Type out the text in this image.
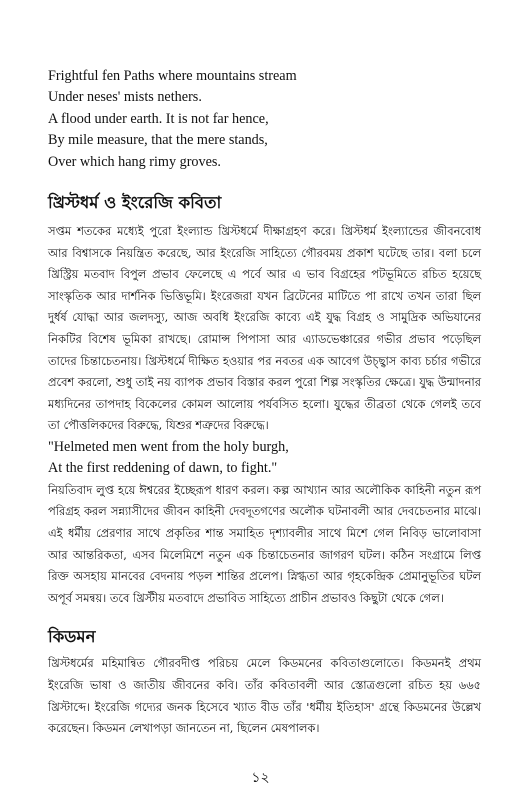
Frightful fen Paths where mountains stream

Under neses' mists nethers.

A flood under earth. It is not far hence,

By mile measure, that the mere stands,

Over which hang rimy groves.

খ্রিস্টধর্ম ও ইংরেজি কবিতা

সপ্তম শতকের মধ্যেই পুরো ইংল্যান্ড খ্রিস্টধর্মে দীক্ষাগ্রহণ করে। খ্রিস্টধর্ম ইংল্যান্ডের জীবনবোধ আর বিশ্বাসকে নিয়ন্ত্রিত করেছে, আর ইংরেজি সাহিত্যে গৌরবময় প্রকাশ ঘটেছে তার। বলা চলে খ্রিস্ট্রিয় মতবাদ বিপুল প্রভাব ফেলেছে এ পর্বে আর এ ভাব বিগ্রহের পটভূমিতে রচিত হয়েছে সাংস্কৃতিক আর দার্শনিক ভিত্তিভূমি। ইংরেজরা যখন ব্রিটেনের মাটিতে পা রাখে তখন তারা ছিল দুর্ধর্ষ যোদ্ধা আর জলদস্যু, আজ অবধি ইংরেজি কাব্যে এই যুদ্ধ বিগ্রহ ও সামুদ্রিক অভিযানের নিকটির বিশেষ ভূমিকা রাখছে। রোমান্স পিপাসা আর এ্যাডভেঞ্চারের গভীর প্রভাব পড়েছিল তাদের চিন্তাচেতনায়। খ্রিস্টধর্মে দীক্ষিত হওয়ার পর নবতর এক আবেগ উচ্ছ্বাস কাব্য চর্চার গভীরে প্রবেশ করলো, শুধু তাই নয় ব্যাপক প্রভাব বিস্তার করল পুরো শিল্প সংস্কৃতির ক্ষেত্রে। যুদ্ধ উন্মাদনার মধ্যদিনের তাপদাহ বিকেলের কোমল আলোয় পর্যবসিত হলো। যুদ্ধের তীব্রতা থেকে গেলই তবে তা পৌত্তলিকদের বিরুদ্ধে, যিশুর শত্রুদের বিরুদ্ধে।

"Helmeted men went from the holy burgh,

At the first reddening of dawn, to fight."

নিয়তিবাদ লুপ্ত হয়ে ঈশ্বরের ইচ্ছেরূপ ধারণ করল। কল্প আখ্যান আর অলৌকিক কাহিনী নতুন রূপ পরিগ্রহ করল সন্ন্যাসীদের জীবন কাহিনী দেবদূতগণের অলৌক ঘটনাবলী আর দেবচেতনার মাঝে। এই ধর্মীয় প্রেরণার সাথে প্রকৃতির শান্ত সমাহিত দৃশ্যাবলীর সাথে মিশে গেল নিবিড় ভালোবাসা আর আন্তরিকতা, এসব মিলেমিশে নতুন এক চিন্তাচেতনার জাগরণ ঘটল। কঠিন সংগ্রামে লিপ্ত রিক্ত অসহায় মানবের বেদনায় পড়ল শান্তির প্রলেপ। স্নিগ্ধতা আর গৃহকেন্দ্রিক প্রেমানুভূতির ঘটল অপূর্ব সমন্বয়। তবে খ্রিস্টীয় মতবাদে প্রভাবিত সাহিত্যে প্রাচীন প্রভাবও কিছুটা থেকে গেল।

কিডমন

খ্রিস্টধর্মের মহিমান্বিত গৌরবদীপ্ত পরিচয় মেলে কিডমনের কবিতাগুলোতে। কিডমনই প্রথম ইংরেজি ভাষা ও জাতীয় জীবনের কবি। তাঁর কবিতাবলী আর স্তোত্রগুলো রচিত হয় ৬৬৫ খ্রিস্টাব্দে। ইংরেজি গদ্যের জনক হিসেবে খ্যাত বীড তাঁর 'ধর্মীয় ইতিহাস' গ্রন্থে কিডমনের উল্লেখ করেছেন। কিডমন লেখাপড়া জানতেন না, ছিলেন মেষপালক।

১২
